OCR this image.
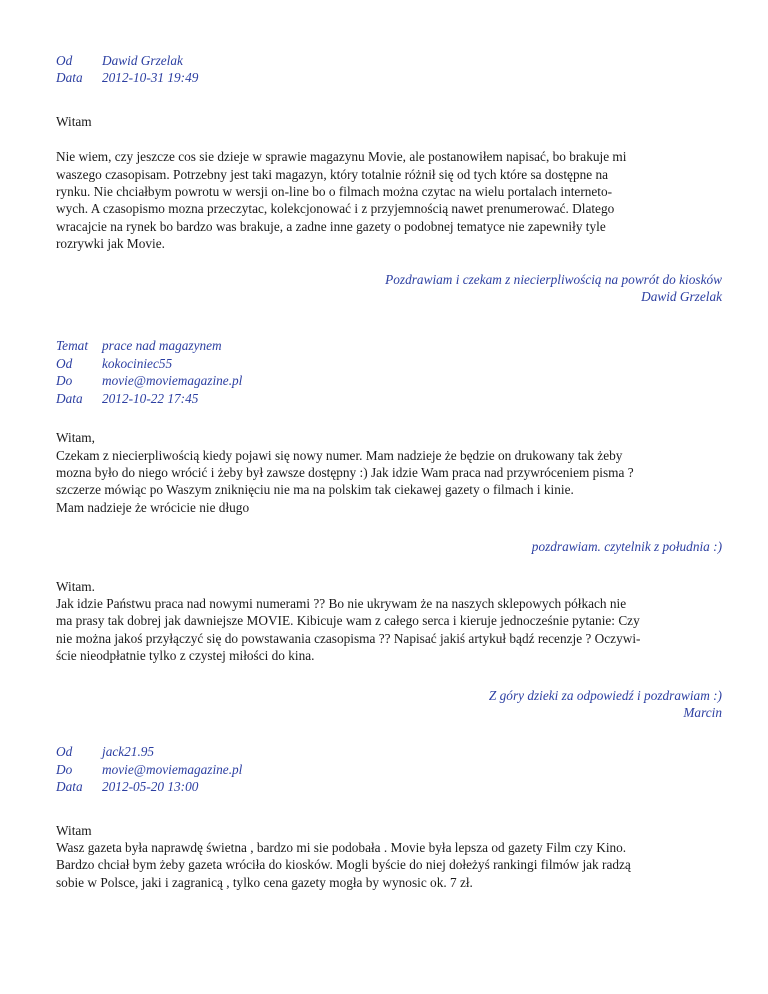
Od	Dawid Grzelak
Data	2012-10-31 19:49
Witam
Nie wiem, czy jeszcze cos sie dzieje w sprawie magazynu Movie, ale postanowiłem napisać, bo brakuje mi
waszego czasopisam. Potrzebny jest taki magazyn, który totalnie różnił się od tych które sa dostępne na
rynku. Nie chciałbym powrotu w wersji on-line bo o filmach można czytac na wielu portalach interneto-
wych. A czasopismo mozna przeczytac, kolekcjonować i z przyjemnością nawet prenumerować. Dlatego
wracajcie na rynek bo bardzo was brakuje, a zadne inne gazety o podobnej tematyce nie zapewniły tyle
rozrywki jak Movie.
Pozdrawiam i czekam z niecierpliwością na powrót do kiosków
Dawid Grzelak
Temat	prace nad magazynem
Od	kokociniec55
Do	movie@moviemagazine.pl
Data	2012-10-22 17:45
Witam,
Czekam z niecierpliwością kiedy pojawi się nowy numer. Mam nadzieje że będzie on drukowany tak żeby
mozna było do niego wrócić i żeby był zawsze dostępny :) Jak idzie Wam praca nad przywróceniem pisma ?
szczerze mówiąc po Waszym zniknięciu nie ma na polskim tak ciekawej gazety o filmach i kinie.
Mam nadzieje że wrócicie nie długo
pozdrawiam. czytelnik z południa :)
Witam.
Jak idzie Państwu praca nad nowymi numerami ?? Bo nie ukrywam że na naszych sklepowych półkach nie
ma prasy tak dobrej jak dawniejsze MOVIE. Kibicuje wam z całego serca i kieruje jednocześnie pytanie: Czy
nie można jakoś przyłączyć się do powstawania czasopisma ?? Napisać jakiś artykuł bądź recenzje ? Oczywi-
ście nieodpłatnie tylko z czystej miłości do kina.
Z góry dzieki za odpowiedź i pozdrawiam :)
Marcin
Od	jack21.95
Do	movie@moviemagazine.pl
Data	2012-05-20 13:00
Witam
Wasz gazeta była naprawdę świetna , bardzo mi sie podobała . Movie była lepsza od gazety Film czy Kino.
Bardzo chciał bym żeby gazeta wróciła do kiosków. Mogli byście do niej dołeżyś rankingi filmów jak radzą
sobie w Polsce, jaki i zagranicą , tylko cena gazety mogła by wynosic ok. 7 zł.
